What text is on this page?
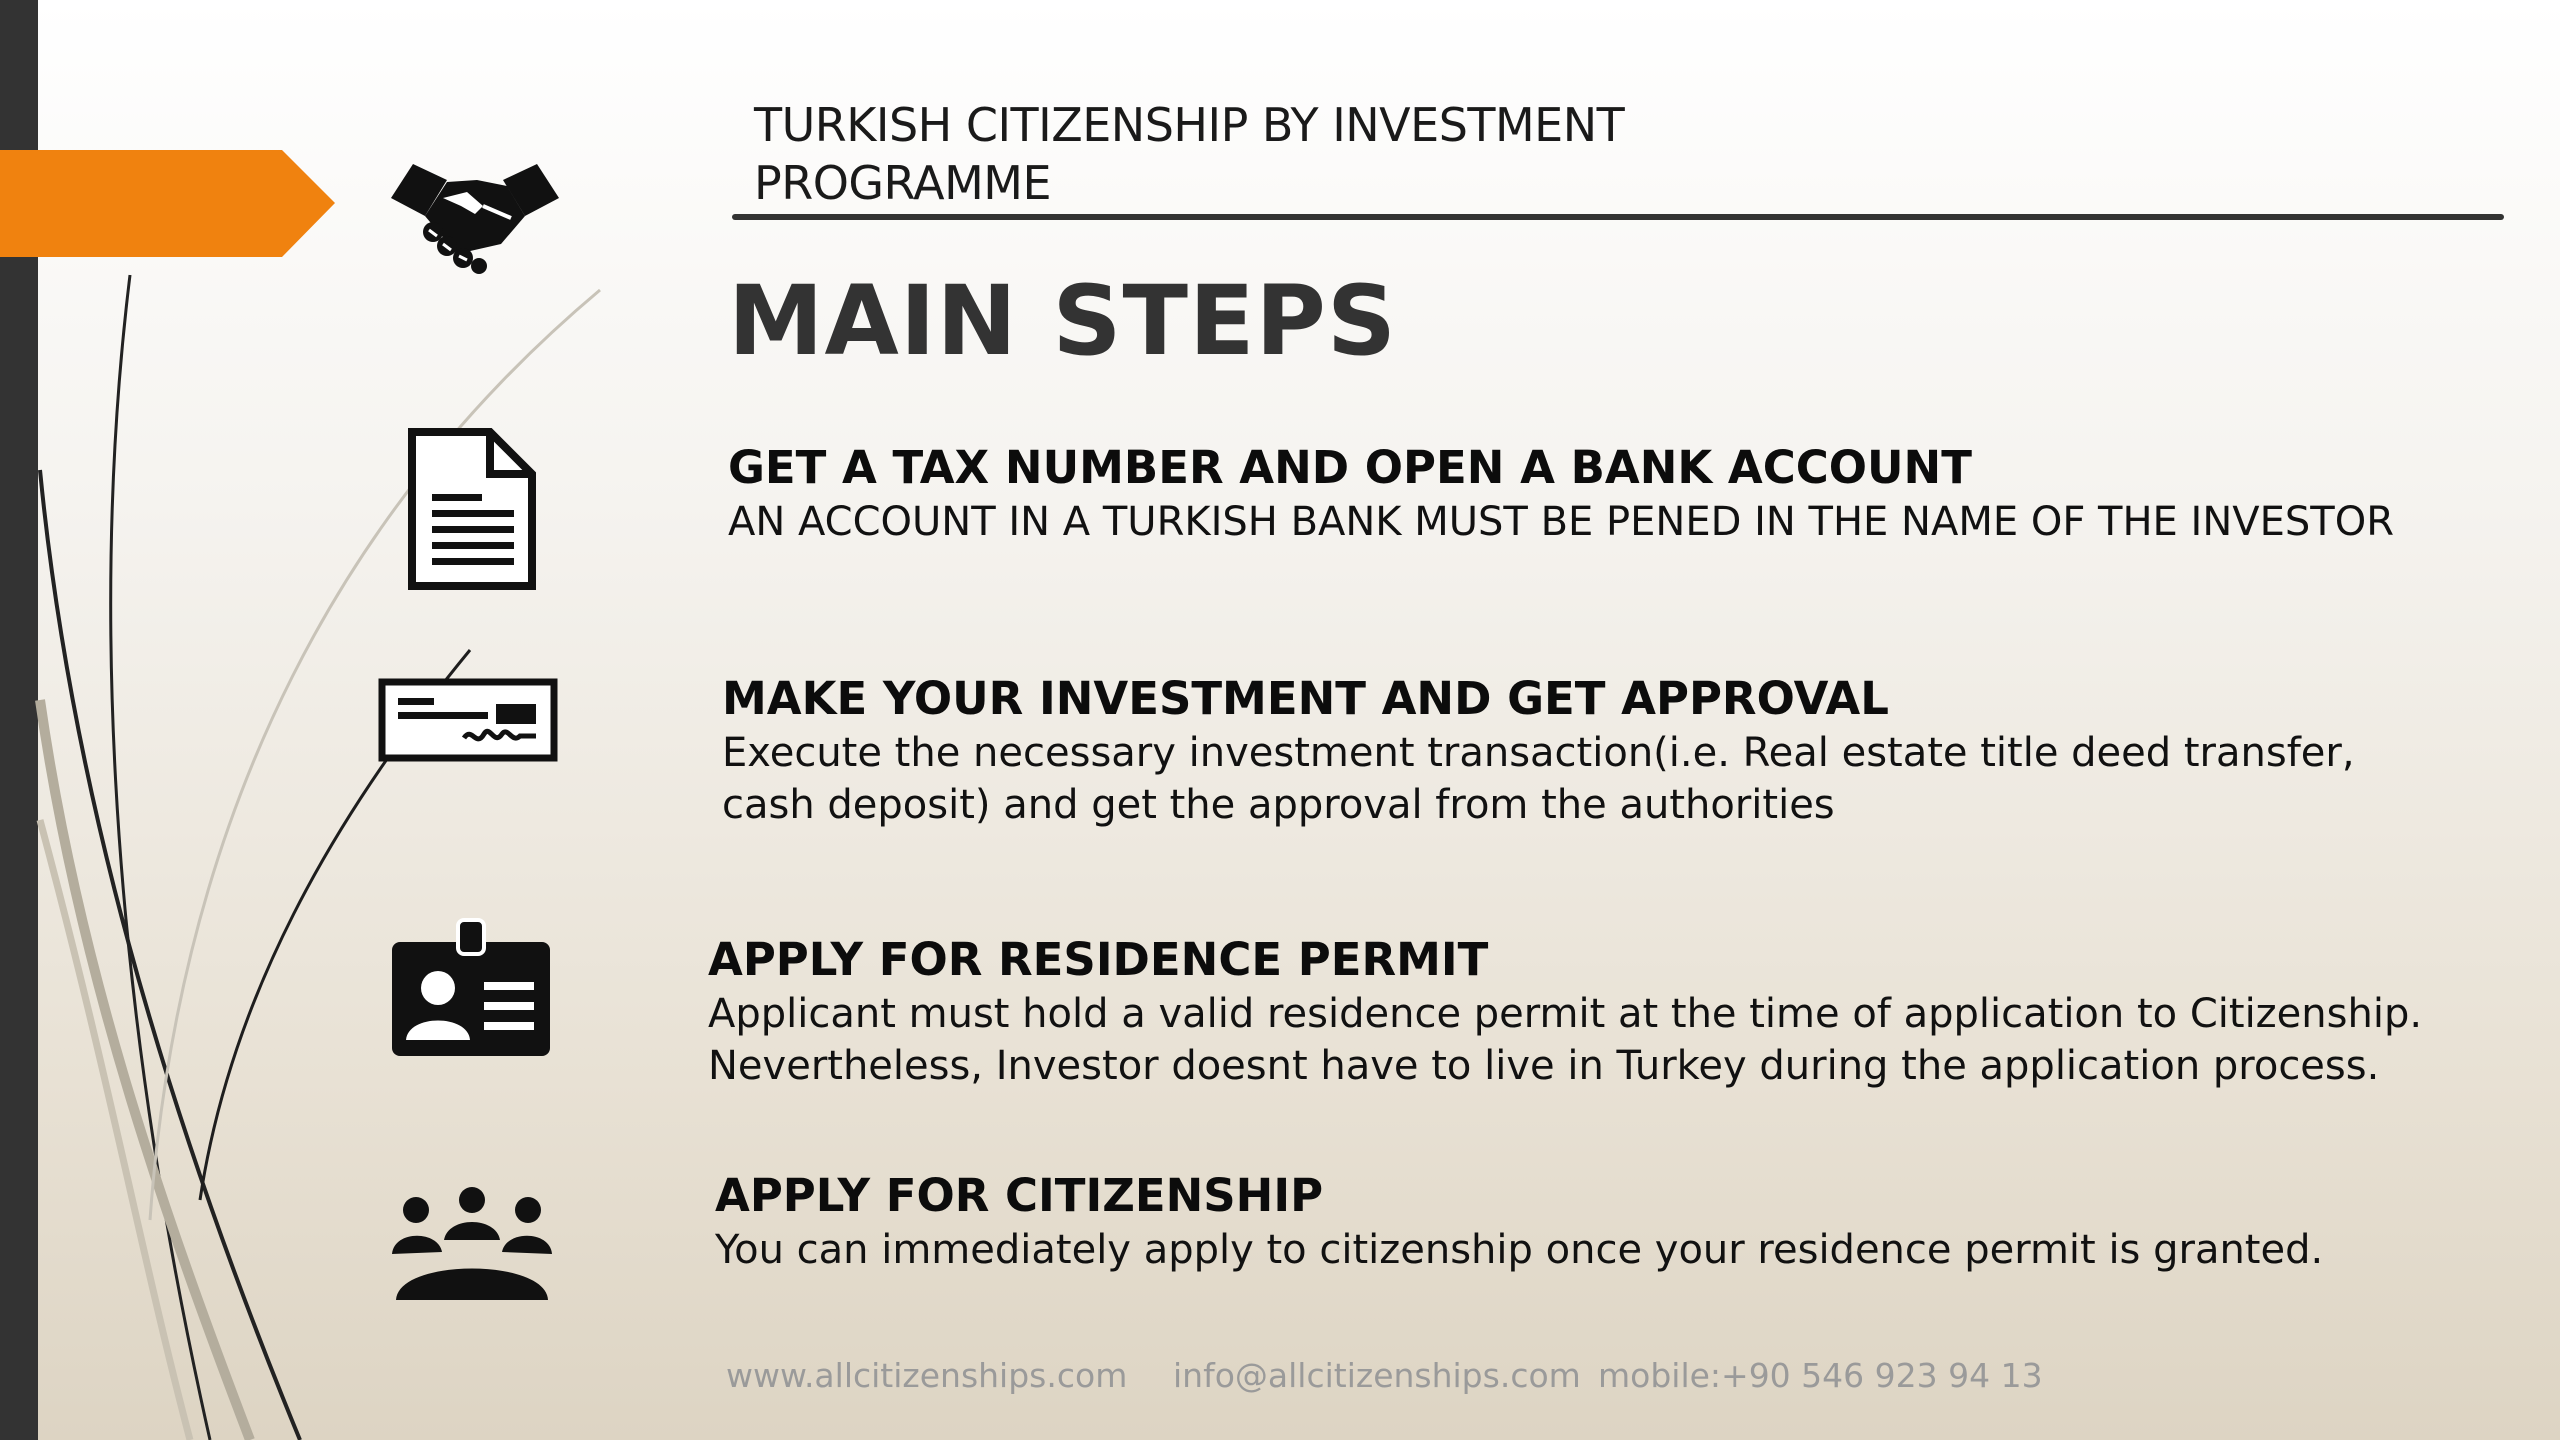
TURKISH CITIZENSHIP BY INVESTMENT
PROGRAMME
MAIN STEPS
GET A TAX NUMBER AND OPEN A BANK ACCOUNT
AN ACCOUNT IN A TURKISH BANK MUST BE PENED IN THE NAME OF THE INVESTOR
MAKE YOUR INVESTMENT AND GET APPROVAL
Execute the necessary investment transaction(i.e. Real estate title deed transfer,
cash deposit) and get the approval from the authorities
APPLY FOR RESIDENCE PERMIT
Applicant must hold a valid residence permit at the time of application to Citizenship.
Nevertheless, Investor doesnt have to live in Turkey during the application process.
APPLY FOR CITIZENSHIP
You can immediately apply to citizenship once your residence permit is granted.
www.allcitizenships.com info@allcitizenships.com mobile:+90 546 923 94 13
